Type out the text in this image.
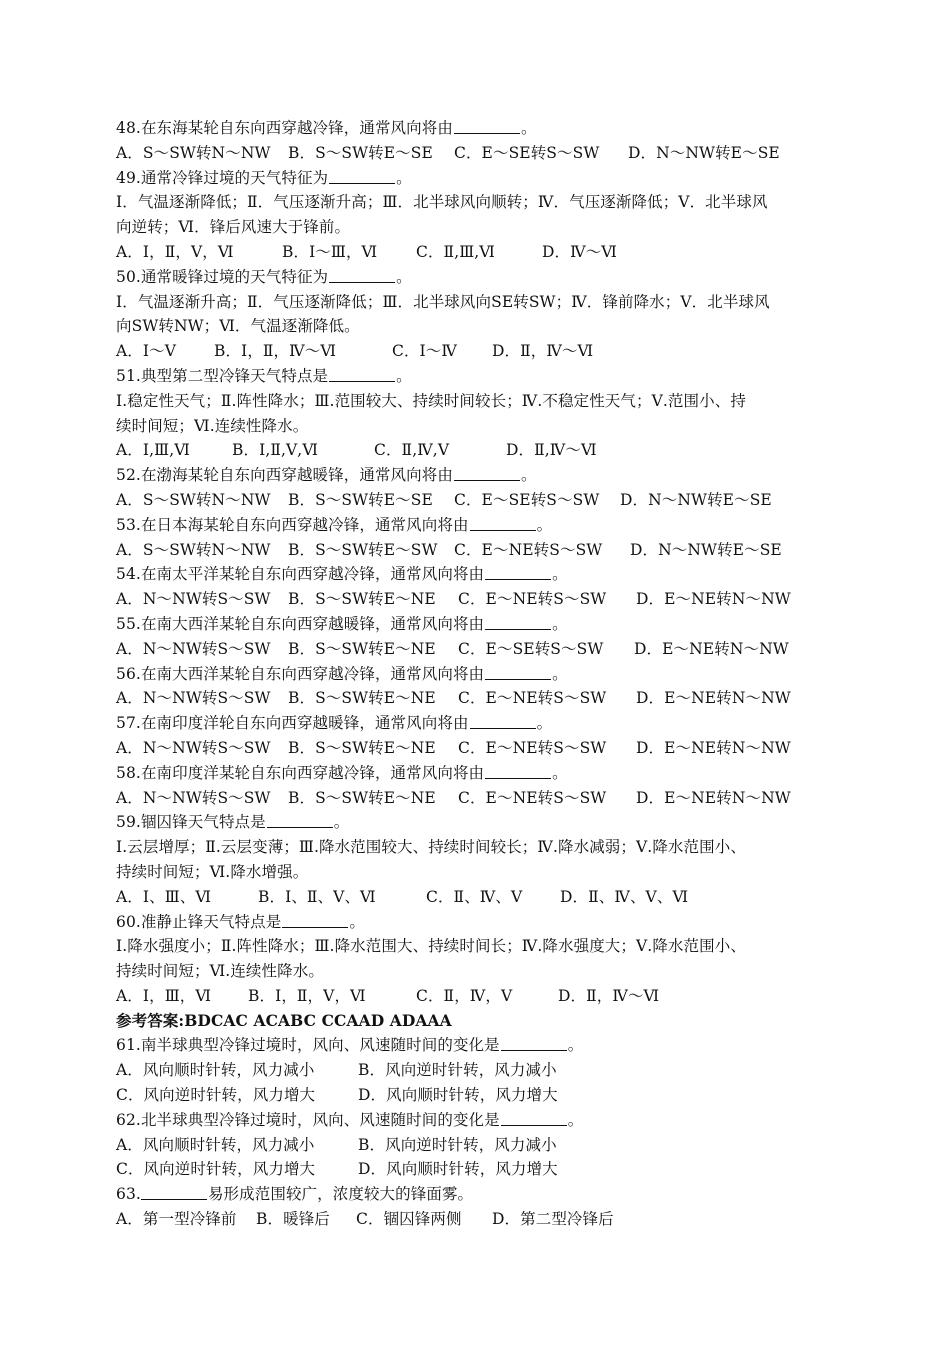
48.在东海某轮自东向西穿越冷锋，通常风向将由	。
A．S～SW转N～NW B．S～SW转E～SE C．E～SE转S～SW D．N～NW转E～SE
49.通常冷锋过境的天气特征为	。
Ⅰ．气温逐渐降低；Ⅱ．气压逐渐升高；Ⅲ．北半球风向顺转；Ⅳ．气压逐渐降低；Ⅴ．北半球风
向逆转；Ⅵ．锋后风速大于锋前。
A．Ⅰ，Ⅱ，Ⅴ，Ⅵ	B．Ⅰ～Ⅲ，Ⅵ C．Ⅱ,Ⅲ,Ⅵ	D．Ⅳ～Ⅵ
50.通常暖锋过境的天气特征为	。
Ⅰ．气温逐渐升高；Ⅱ．气压逐渐降低；Ⅲ．北半球风向SE转SW；Ⅳ．锋前降水；Ⅴ．北半球风
向SW转NW；Ⅵ．气温逐渐降低。
A．Ⅰ～Ⅴ B．Ⅰ，Ⅱ，Ⅳ～Ⅵ	C．Ⅰ～Ⅳ D．Ⅱ，Ⅳ～Ⅵ
51.典型第二型冷锋天气特点是	。
Ⅰ.稳定性天气；Ⅱ.阵性降水；Ⅲ.范围较大、持续时间较长；Ⅳ.不稳定性天气；Ⅴ.范围小、持
续时间短；Ⅵ.连续性降水。
A．Ⅰ,Ⅲ,Ⅵ	B．Ⅰ,Ⅱ,Ⅴ,Ⅵ	C．Ⅱ,Ⅳ,Ⅴ	D．Ⅱ,Ⅳ～Ⅵ
52.在渤海某轮自东向西穿越暖锋，通常风向将由	。
A．S～SW转N～NW B．S～SW转E～SE C．E～SE转S～SW D．N～NW转E～SE
53.在日本海某轮自东向西穿越冷锋，通常风向将由	。
A．S～SW转N～NW B．S～SW转E～SW C．E～NE转S～SW D．N～NW转E～SE
54.在南太平洋某轮自东向西穿越冷锋，通常风向将由	。
A．N～NW转S～SW B．S～SW转E～NE C．E～NE转S～SW D．E～NE转N～NW
55.在南大西洋某轮自东向西穿越暖锋，通常风向将由	。
A．N～NW转S～SW B．S～SW转E～NE C．E～SE转S～SW D．E～NE转N～NW
56.在南大西洋某轮自东向西穿越冷锋，通常风向将由	。
A．N～NW转S～SW B．S～SW转E～NE C．E～NE转S～SW D．E～NE转N～NW
57.在南印度洋轮自东向西穿越暖锋，通常风向将由	。
A．N～NW转S～SW B．S～SW转E～NE C．E～NE转S～SW D．E～NE转N～NW
58.在南印度洋某轮自东向西穿越冷锋，通常风向将由	。
A．N～NW转S～SW B．S～SW转E～NE C．E～NE转S～SW D．E～NE转N～NW
59.锢囚锋天气特点是	。
Ⅰ.云层增厚；Ⅱ.云层变薄；Ⅲ.降水范围较大、持续时间较长；Ⅳ.降水减弱；Ⅴ.降水范围小、
持续时间短；Ⅵ.降水增强。
A．Ⅰ、Ⅲ、Ⅵ	B．Ⅰ、Ⅱ、Ⅴ、Ⅵ	C．Ⅱ、Ⅳ、Ⅴ D．Ⅱ、Ⅳ、Ⅴ、Ⅵ
60.准静止锋天气特点是	。
Ⅰ.降水强度小；Ⅱ.阵性降水；Ⅲ.降水范围大、持续时间长；Ⅳ.降水强度大；Ⅴ.降水范围小、
持续时间短；Ⅵ.连续性降水。
A．Ⅰ，Ⅲ，Ⅵ B．Ⅰ，Ⅱ，Ⅴ，Ⅵ	C．Ⅱ，Ⅳ，Ⅴ	D．Ⅱ，Ⅳ～Ⅵ
参考答案:BDCAC ACABC CCAAD ADAAA
61.南半球典型冷锋过境时，风向、风速随时间的变化是	。
A．风向顺时针转，风力减小	B．风向逆时针转，风力减小
C．风向逆时针转，风力增大	D．风向顺时针转，风力增大
62.北半球典型冷锋过境时，风向、风速随时间的变化是	。
A．风向顺时针转，风力减小	B．风向逆时针转，风力减小
C．风向逆时针转，风力增大	D．风向顺时针转，风力增大
63.	易形成范围较广，浓度较大的锋面雾。
A．第一型冷锋前 B．暖锋后 C．锢囚锋两侧 D．第二型冷锋后
